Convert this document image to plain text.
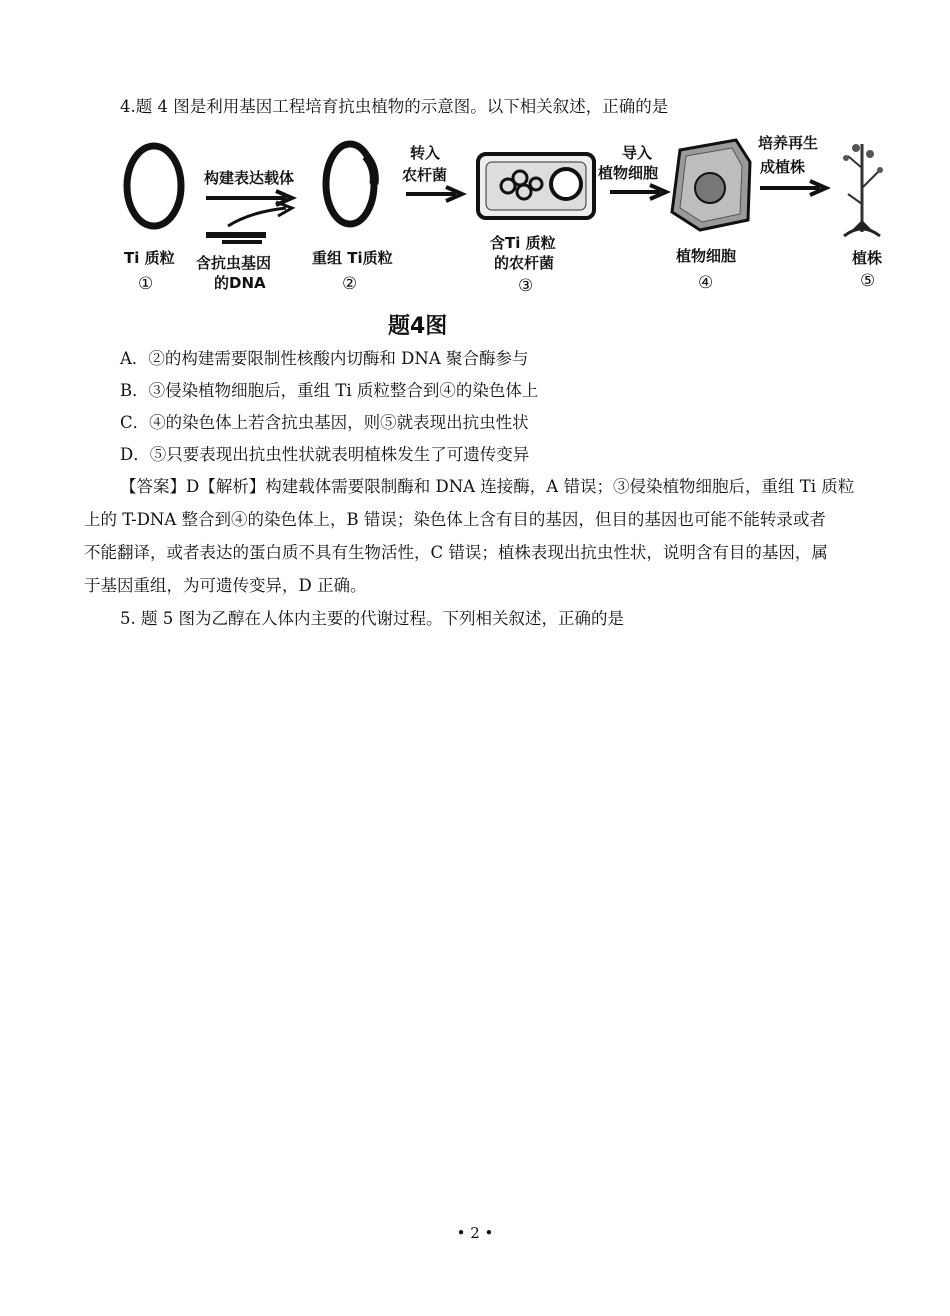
4.题 4 图是利用基因工程培育抗虫植物的示意图。以下相关叙述，正确的是
Ti 质粒
①
构建表达载体
含抗虫基因
的DNA
重组 Ti质粒
②
转入
农杆菌
含Ti 质粒
的农杆菌
③
导入
植物细胞
植物细胞
④
培养再生
成植株
植株
⑤
题4图
A．②的构建需要限制性核酸内切酶和 DNA 聚合酶参与
B．③侵染植物细胞后，重组 Ti 质粒整合到④的染色体上
C．④的染色体上若含抗虫基因，则⑤就表现出抗虫性状
D．⑤只要表现出抗虫性状就表明植株发生了可遗传变异
【答案】D【解析】构建载体需要限制酶和 DNA 连接酶，A 错误；③侵染植物细胞后，重组 Ti 质粒
上的 T-DNA 整合到④的染色体上，B 错误；染色体上含有目的基因，但目的基因也可能不能转录或者
不能翻译，或者表达的蛋白质不具有生物活性，C 错误；植株表现出抗虫性状，说明含有目的基因，属
于基因重组，为可遗传变异，D 正确。
5. 题 5 图为乙醇在人体内主要的代谢过程。下列相关叙述，正确的是
• 2 •
